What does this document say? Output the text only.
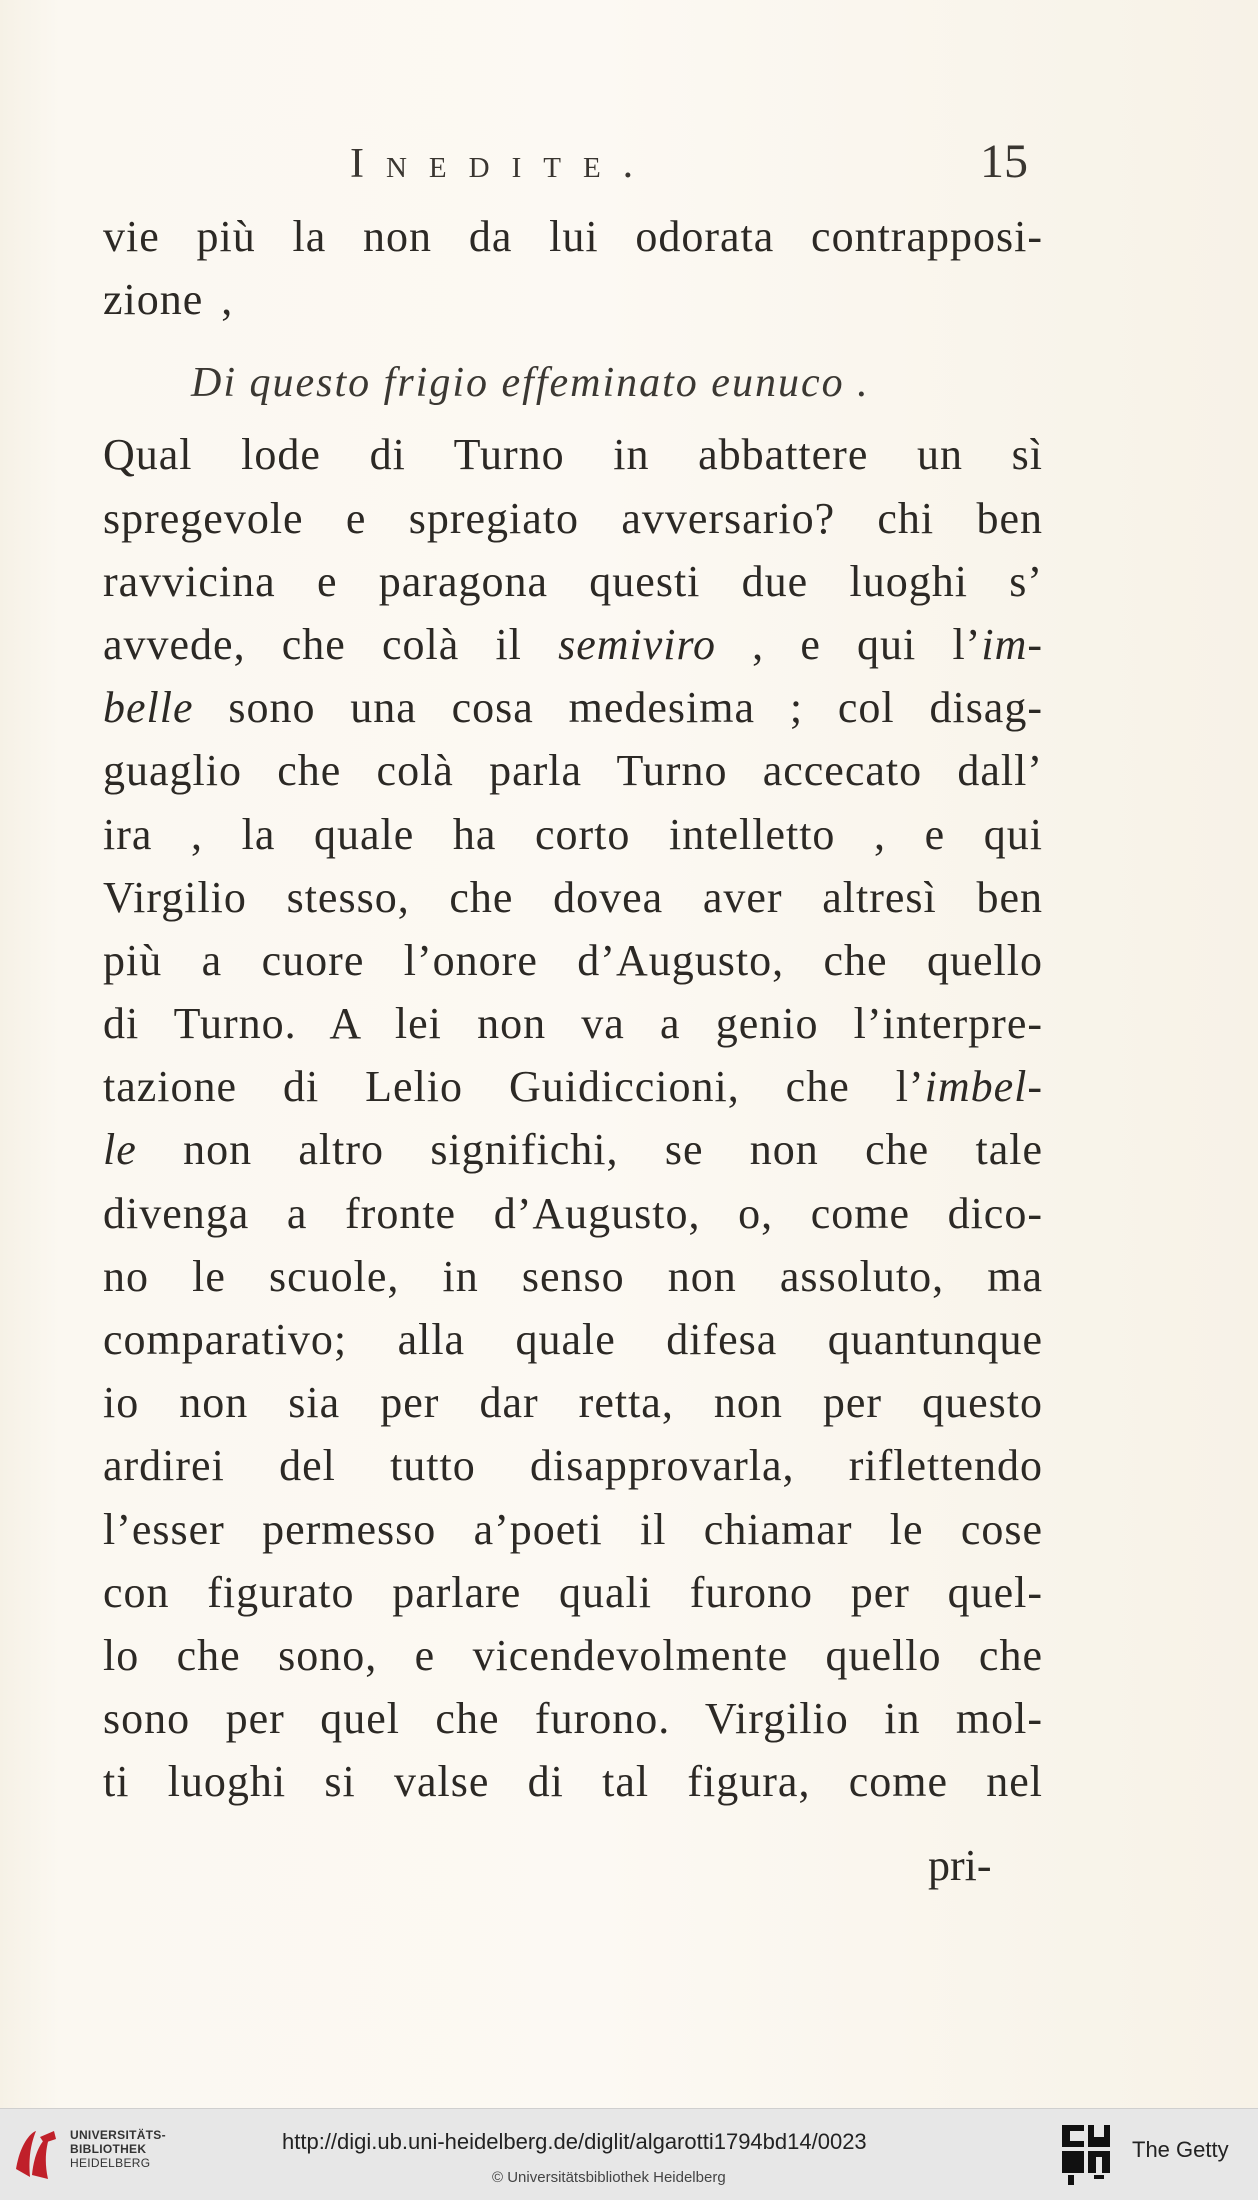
Inedite.	15
vie più la non da lui odorata contrapposi-
zione ,
Di questo frigio effeminato eunuco .
Qual lode di Turno in abbattere un sì
spregevole e spregiato avversario? chi ben
ravvicina e paragona questi due luoghi s’
avvede, che colà il semiviro , e qui l’im-
belle sono una cosa medesima ; col disag-
guaglio che colà parla Turno accecato dall’
ira , la quale ha corto intelletto , e qui
Virgilio stesso, che dovea aver altresì ben
più a cuore l’onore d’Augusto, che quello
di Turno. A lei non va a genio l’interpre-
tazione di Lelio Guidiccioni, che l’imbel-
le non altro significhi, se non che tale
divenga a fronte d’Augusto, o, come dico-
no le scuole, in senso non assoluto, ma
comparativo; alla quale difesa quantunque
io non sia per dar retta, non per questo
ardirei del tutto disapprovarla, riflettendo
l’esser permesso a’poeti il chiamar le cose
con figurato parlare quali furono per quel-
lo che sono, e vicendevolmente quello che
sono per quel che furono. Virgilio in mol-
ti luoghi si valse di tal figura, come nel
pri-
UNIVERSITÄTS-
BIBLIOTHEK
HEIDELBERG
http://digi.ub.uni-heidelberg.de/diglit/algarotti1794bd14/0023
© Universitätsbibliothek Heidelberg
The Getty
